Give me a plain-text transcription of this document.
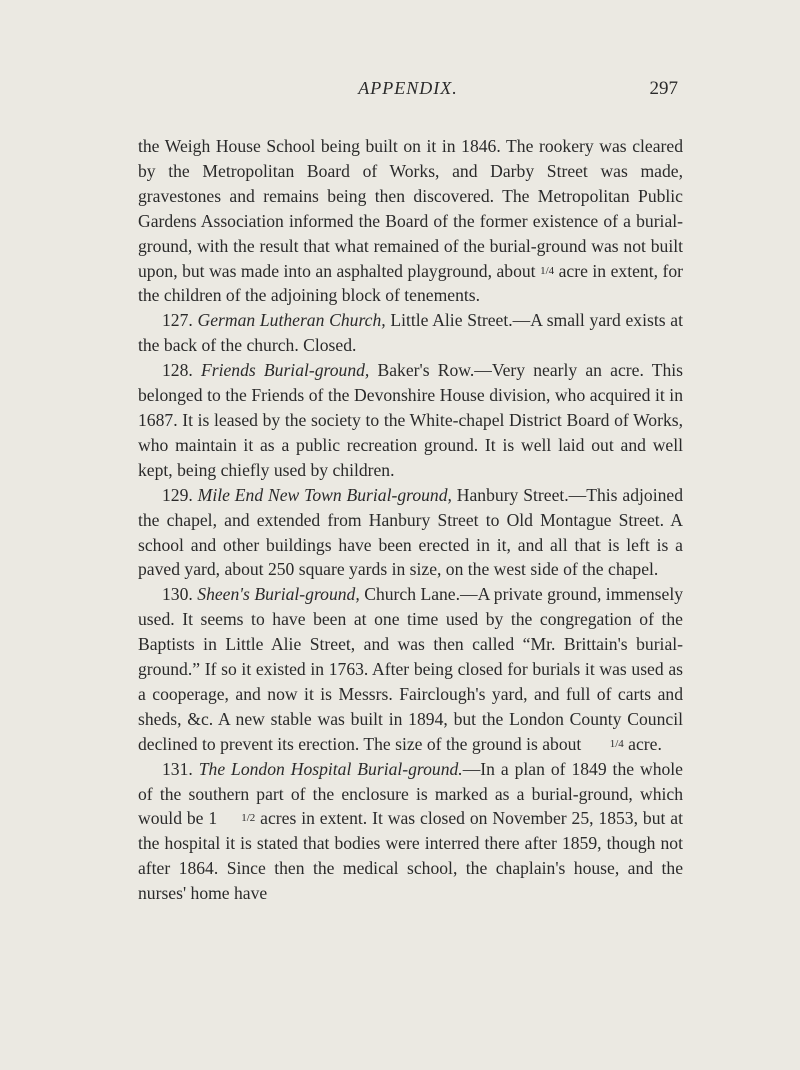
APPENDIX.	297

the Weigh House School being built on it in 1846. The rookery was cleared by the Metropolitan Board of Works, and Darby Street was made, gravestones and remains being then discovered. The Metropolitan Public Gardens Association informed the Board of the former existence of a burial-ground, with the result that what remained of the burial-ground was not built upon, but was made into an asphalted playground, about 1/4 acre in extent, for the children of the adjoining block of tenements.

127. German Lutheran Church, Little Alie Street.—A small yard exists at the back of the church. Closed.

128. Friends Burial-ground, Baker's Row.—Very nearly an acre. This belonged to the Friends of the Devonshire House division, who acquired it in 1687. It is leased by the society to the White-chapel District Board of Works, who maintain it as a public recreation ground. It is well laid out and well kept, being chiefly used by children.

129. Mile End New Town Burial-ground, Hanbury Street.—This adjoined the chapel, and extended from Hanbury Street to Old Montague Street. A school and other buildings have been erected in it, and all that is left is a paved yard, about 250 square yards in size, on the west side of the chapel.

130. Sheen's Burial-ground, Church Lane.—A private ground, immensely used. It seems to have been at one time used by the congregation of the Baptists in Little Alie Street, and was then called “Mr. Brittain's burial-ground.” If so it existed in 1763. After being closed for burials it was used as a cooperage, and now it is Messrs. Fairclough's yard, and full of carts and sheds, &c. A new stable was built in 1894, but the London County Council declined to prevent its erection. The size of the ground is about 1/4 acre.

131. The London Hospital Burial-ground.—In a plan of 1849 the whole of the southern part of the enclosure is marked as a burial-ground, which would be 1 1/2 acres in extent. It was closed on November 25, 1853, but at the hospital it is stated that bodies were interred there after 1859, though not after 1864. Since then the medical school, the chaplain's house, and the nurses' home have
